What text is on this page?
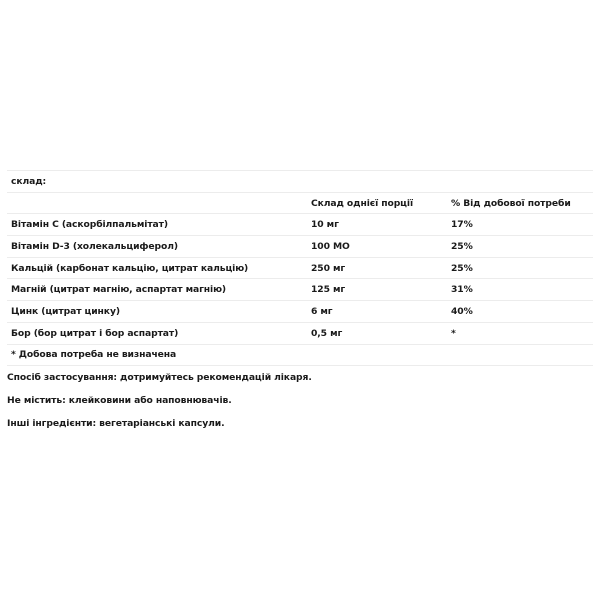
склад:		
	Склад однієї порції	% Від добової потреби
Вітамін С (аскорбілпальмітат)	10 мг	17%
Вітамін D-3 (холекальциферол)	100 МО	25%
Кальцій (карбонат кальцію, цитрат кальцію)	250 мг	25%
Магній (цитрат магнію, аспартат магнію)	125 мг	31%
Цинк (цитрат цинку)	6 мг	40%
Бор (бор цитрат і бор аспартат)	0,5 мг	*
* Добова потреба не визначена		

Спосіб застосування: дотримуйтесь рекомендацій лікаря.

Не містить: клейковини або наповнювачів.

Інші інгредієнти: вегетаріанські капсули.
